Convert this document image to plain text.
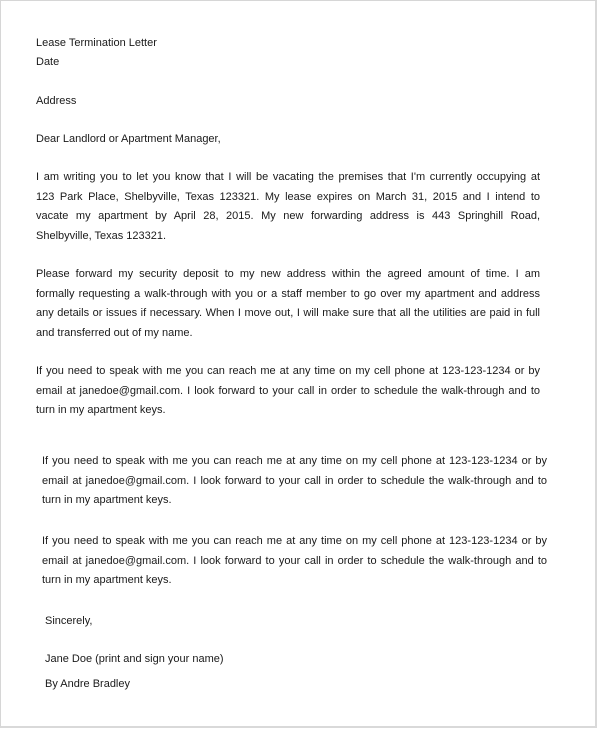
Lease Termination Letter
Date
Address
Dear Landlord or Apartment Manager,
I am writing you to let you know that I will be vacating the premises that I'm currently occupying at
123 Park Place, Shelbyville, Texas 123321. My lease expires on March 31, 2015 and I intend to
vacate my apartment by April 28, 2015. My new forwarding address is 443 Springhill Road,
Shelbyville, Texas 123321.
Please forward my security deposit to my new address within the agreed amount of time. I am
formally requesting a walk-through with you or a staff member to go over my apartment and address
any details or issues if necessary. When I move out, I will make sure that all the utilities are paid in full
and transferred out of my name.
If you need to speak with me you can reach me at any time on my cell phone at 123-123-1234 or by
email at janedoe@gmail.com. I look forward to your call in order to schedule the walk-through and to
turn in my apartment keys.
If you need to speak with me you can reach me at any time on my cell phone at 123-123-1234 or by
email at janedoe@gmail.com. I look forward to your call in order to schedule the walk-through and to
turn in my apartment keys.
If you need to speak with me you can reach me at any time on my cell phone at 123-123-1234 or by
email at janedoe@gmail.com. I look forward to your call in order to schedule the walk-through and to
turn in my apartment keys.
Sincerely,
Jane Doe (print and sign your name)
By Andre Bradley
